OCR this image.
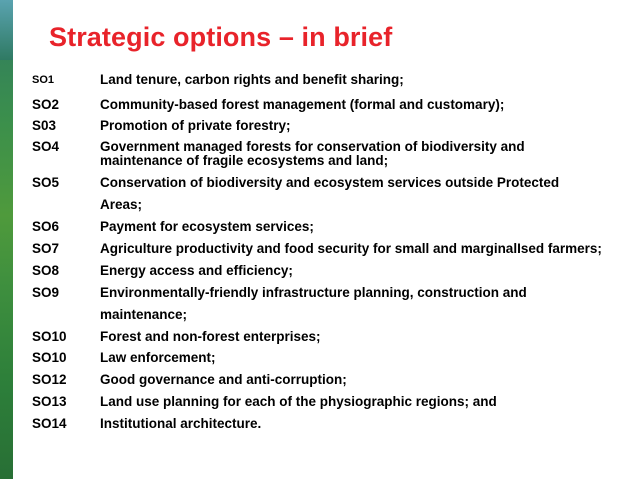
Strategic options – in brief
SO1	Land tenure, carbon rights and benefit sharing;
SO2	Community-based forest management (formal and customary);
S03	Promotion of private forestry;
SO4	Government managed forests for conservation of biodiversity and
maintenance of fragile ecosystems and land;
SO5	Conservation of biodiversity and ecosystem services outside Protected
Areas;
SO6	Payment for ecosystem services;
SO7	Agriculture productivity and food security for small and marginalIsed farmers;
SO8	Energy access and efficiency;
SO9	Environmentally-friendly infrastructure planning, construction and
maintenance;
SO10 Forest and non-forest enterprises;
SO10 Law enforcement;
SO12 Good governance and anti-corruption;
SO13 Land use planning for each of the physiographic regions; and
SO14 Institutional architecture.
